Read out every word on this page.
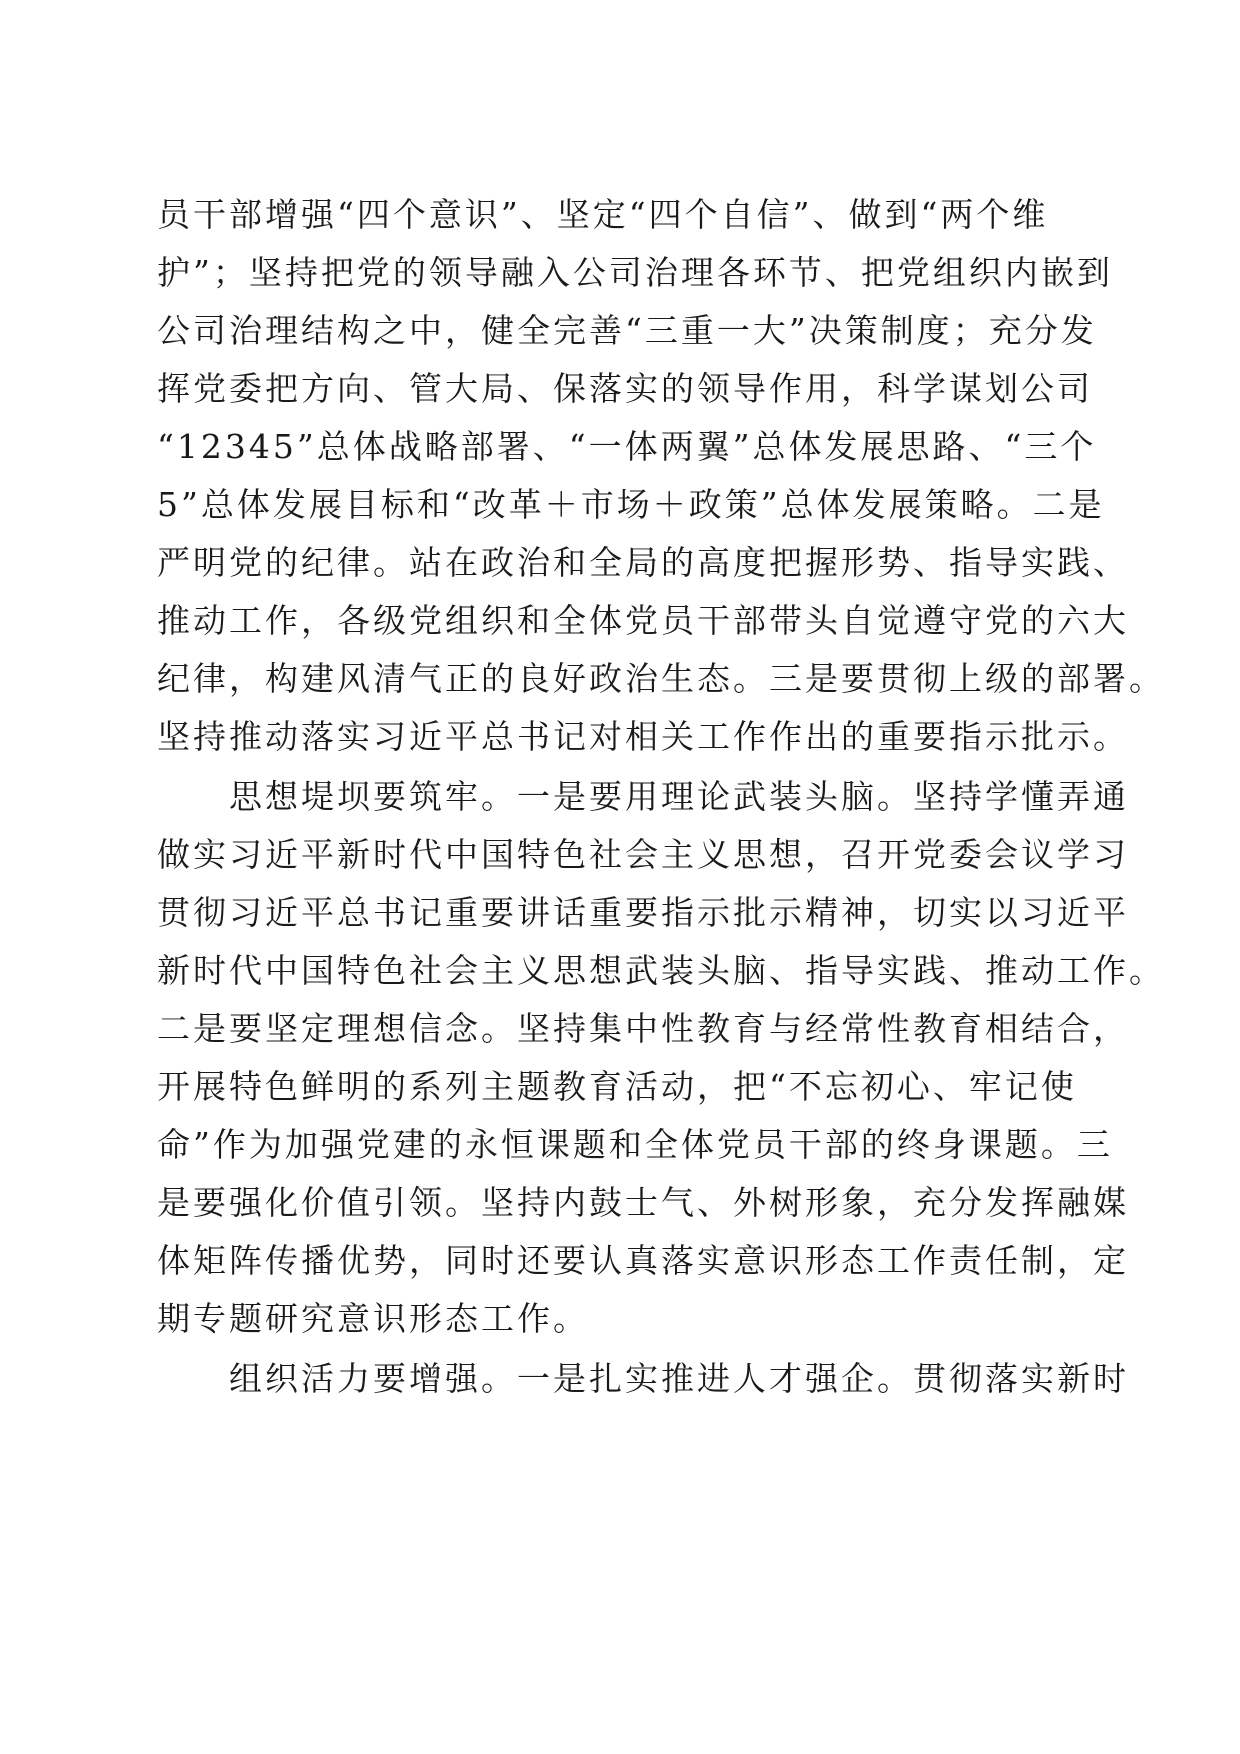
员干部增强“四个意识”、坚定“四个自信”、做到“两个维
护”；坚持把党的领导融入公司治理各环节、把党组织内嵌到
公司治理结构之中，健全完善“三重一大”决策制度；充分发
挥党委把方向、管大局、保落实的领导作用，科学谋划公司
“12345”总体战略部署、“一体两翼”总体发展思路、“三个
5”总体发展目标和“改革＋市场＋政策”总体发展策略。二是
严明党的纪律。站在政治和全局的高度把握形势、指导实践、
推动工作，各级党组织和全体党员干部带头自觉遵守党的六大
纪律，构建风清气正的良好政治生态。三是要贯彻上级的部署。
坚持推动落实习近平总书记对相关工作作出的重要指示批示。
　　思想堤坝要筑牢。一是要用理论武装头脑。坚持学懂弄通
做实习近平新时代中国特色社会主义思想，召开党委会议学习
贯彻习近平总书记重要讲话重要指示批示精神，切实以习近平
新时代中国特色社会主义思想武装头脑、指导实践、推动工作。
二是要坚定理想信念。坚持集中性教育与经常性教育相结合，
开展特色鲜明的系列主题教育活动，把“不忘初心、牢记使
命”作为加强党建的永恒课题和全体党员干部的终身课题。三
是要强化价值引领。坚持内鼓士气、外树形象，充分发挥融媒
体矩阵传播优势，同时还要认真落实意识形态工作责任制，定
期专题研究意识形态工作。
　　组织活力要增强。一是扎实推进人才强企。贯彻落实新时
